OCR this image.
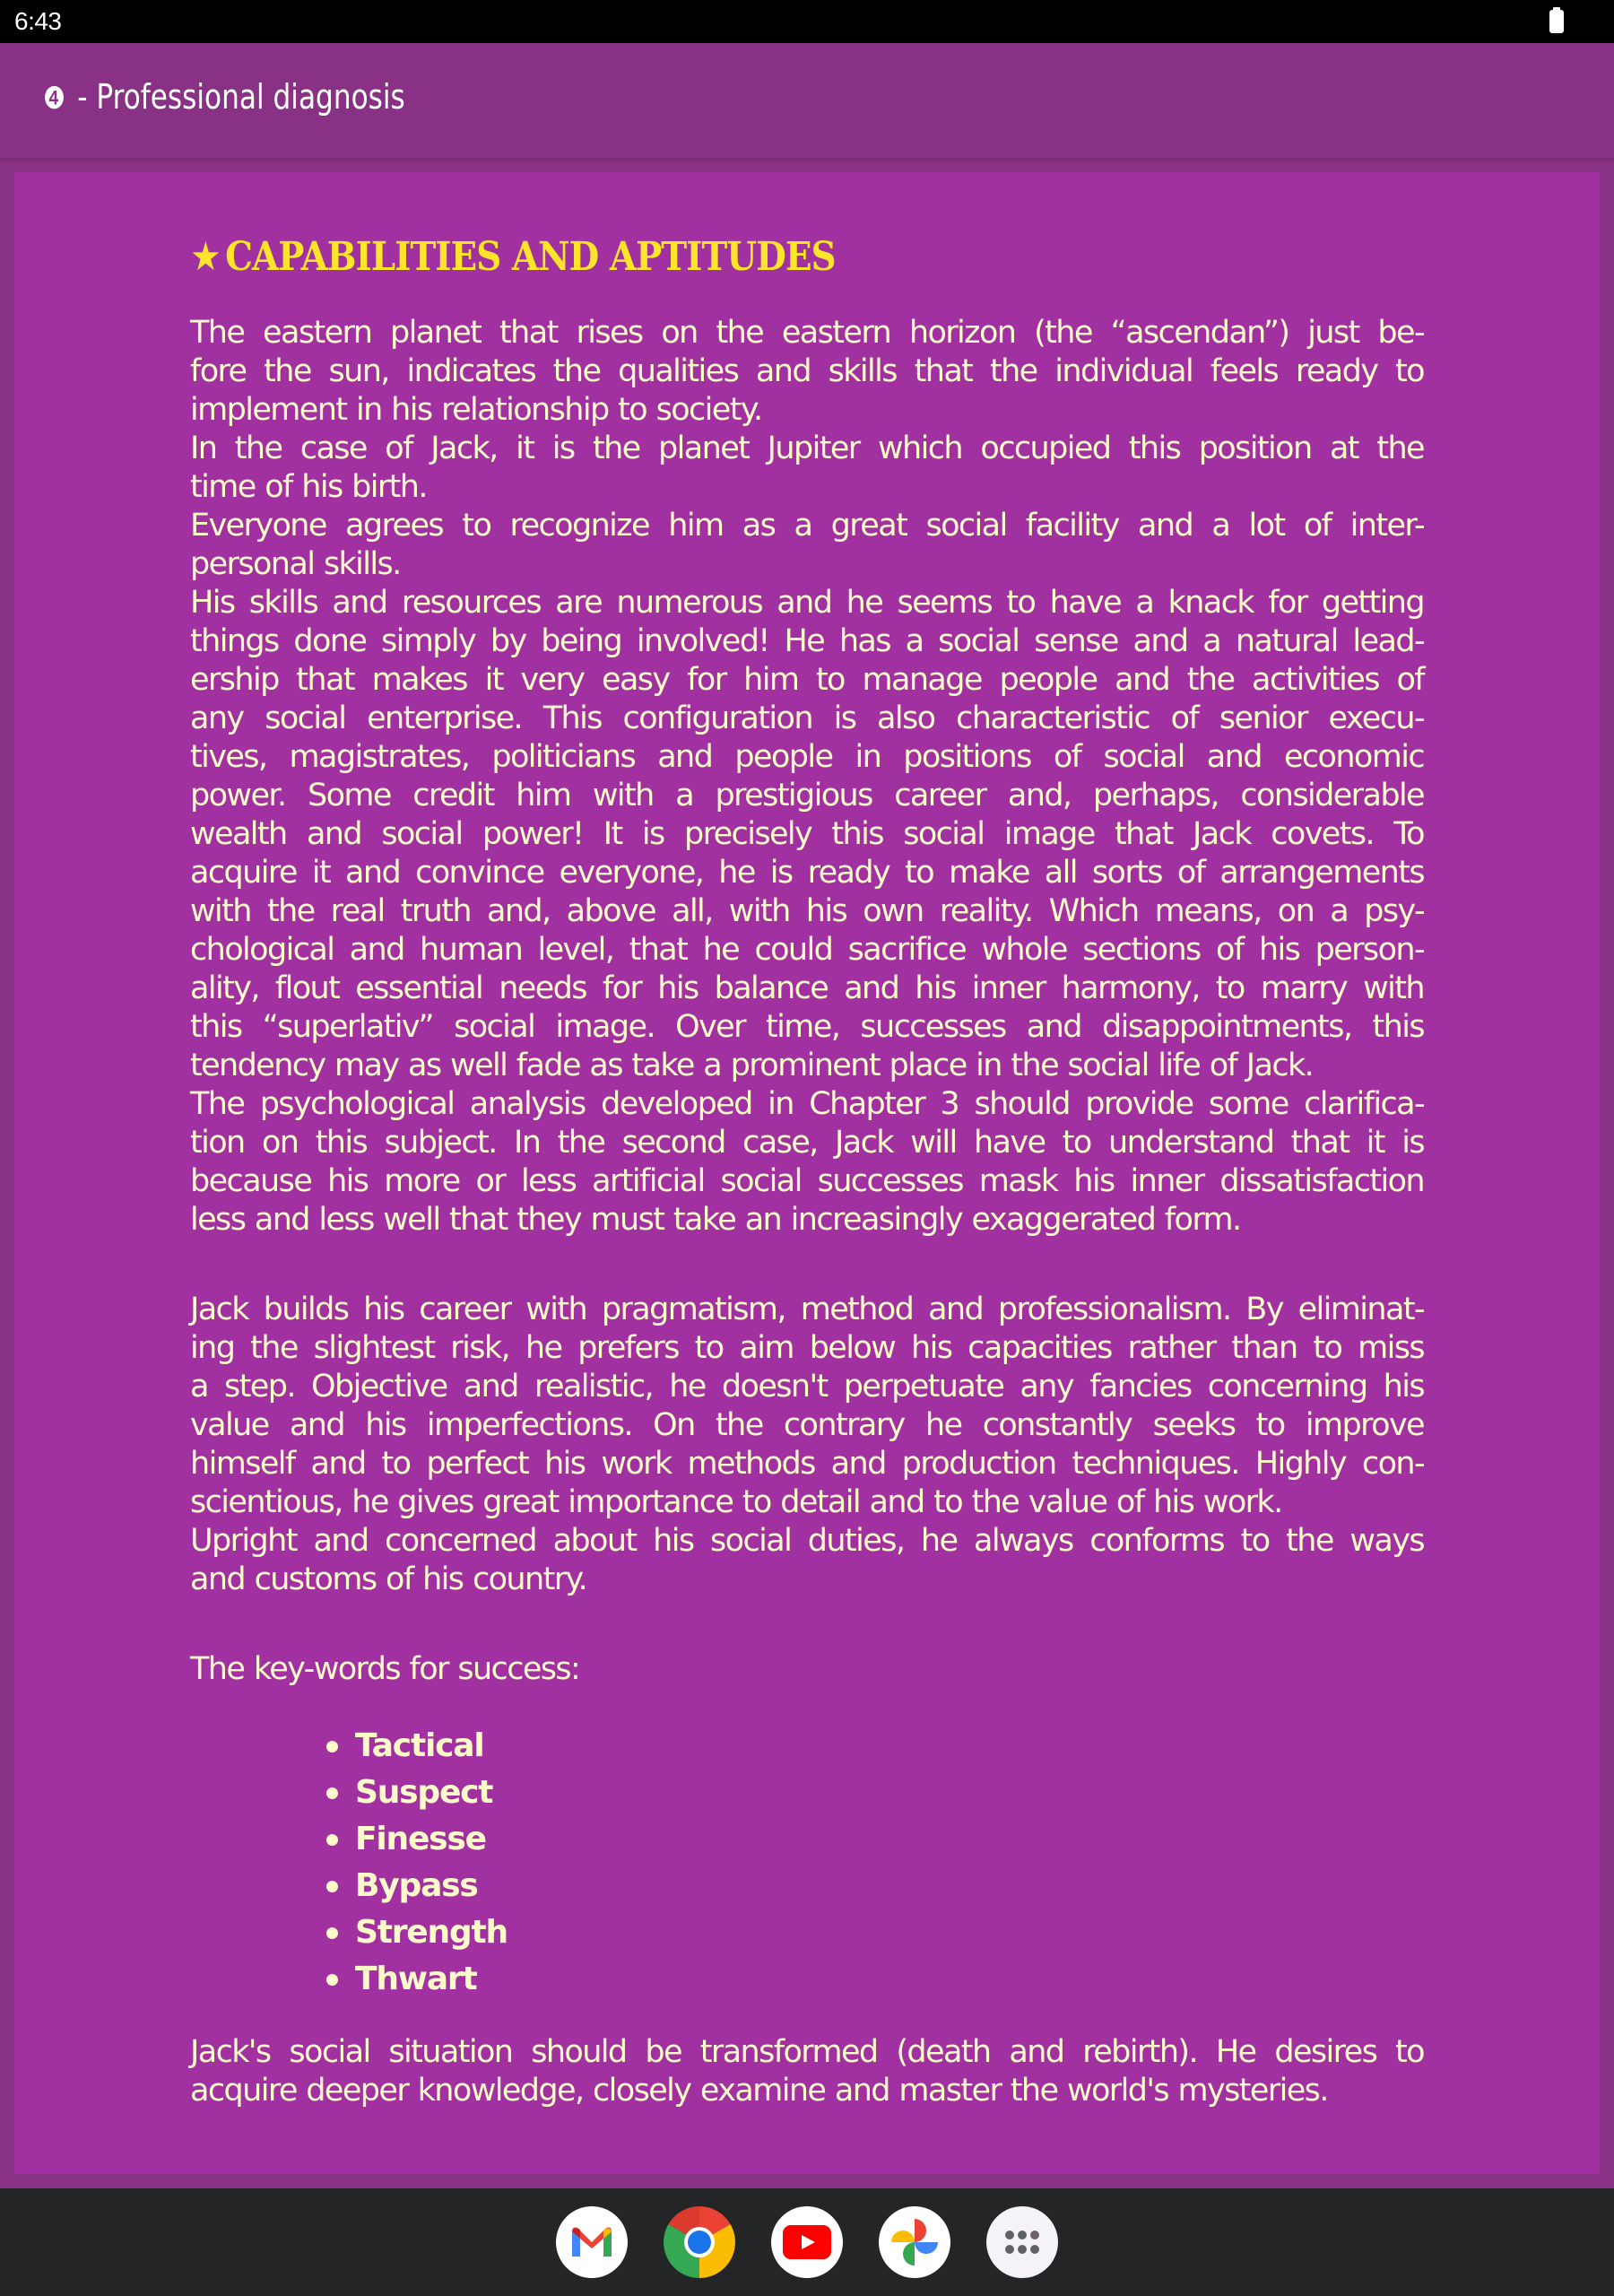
6:43
❹ - Professional diagnosis
★ CAPABILITIES AND APTITUDES

The eastern planet that rises on the eastern horizon (the “ascendan”) just be-
fore the sun, indicates the qualities and skills that the individual feels ready to
implement in his relationship to society.
In the case of Jack, it is the planet Jupiter which occupied this position at the
time of his birth.
Everyone agrees to recognize him as a great social facility and a lot of inter-
personal skills.
His skills and resources are numerous and he seems to have a knack for getting
things done simply by being involved! He has a social sense and a natural lead-
ership that makes it very easy for him to manage people and the activities of
any social enterprise. This configuration is also characteristic of senior execu-
tives, magistrates, politicians and people in positions of social and economic
power. Some credit him with a prestigious career and, perhaps, considerable
wealth and social power! It is precisely this social image that Jack covets. To
acquire it and convince everyone, he is ready to make all sorts of arrangements
with the real truth and, above all, with his own reality. Which means, on a psy-
chological and human level, that he could sacrifice whole sections of his person-
ality, flout essential needs for his balance and his inner harmony, to marry with
this “superlativ” social image. Over time, successes and disappointments, this
tendency may as well fade as take a prominent place in the social life of Jack.
The psychological analysis developed in Chapter 3 should provide some clarifica-
tion on this subject. In the second case, Jack will have to understand that it is
because his more or less artificial social successes mask his inner dissatisfaction
less and less well that they must take an increasingly exaggerated form.

Jack builds his career with pragmatism, method and professionalism. By eliminat-
ing the slightest risk, he prefers to aim below his capacities rather than to miss
a step. Objective and realistic, he doesn't perpetuate any fancies concerning his
value and his imperfections. On the contrary he constantly seeks to improve
himself and to perfect his work methods and production techniques. Highly con-
scientious, he gives great importance to detail and to the value of his work.
Upright and concerned about his social duties, he always conforms to the ways
and customs of his country.

The key-words for success:

Tactical
Suspect
Finesse
Bypass
Strength
Thwart

Jack's social situation should be transformed (death and rebirth). He desires to
acquire deeper knowledge, closely examine and master the world's mysteries.
